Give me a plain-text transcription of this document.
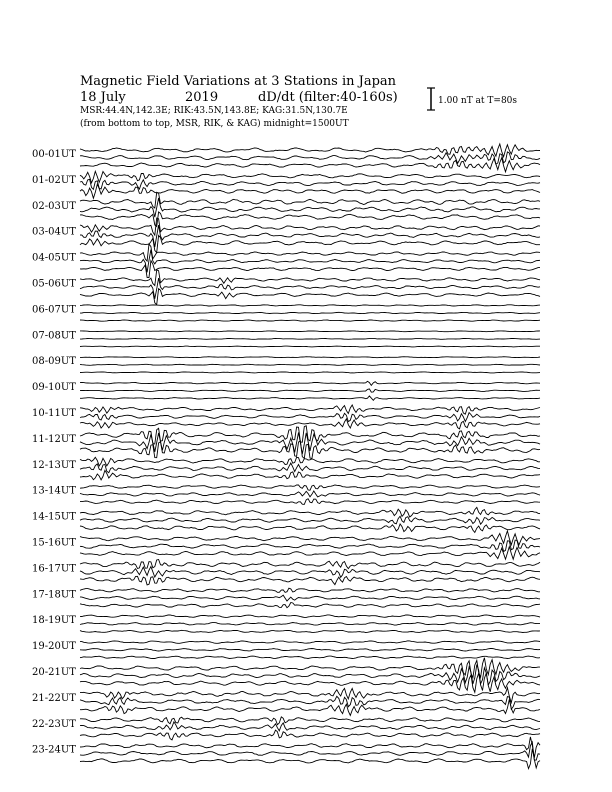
Magnetic Field Variations at 3 Stations in Japan
18 July	2019	dD/dt (filter:40-160s)
MSR:44.4N,142.3E; RIK:43.5N,143.8E; KAG:31.5N,130.7E
(from bottom to top, MSR, RIK, & KAG) midnight=1500UT
1.00 nT at T=80s
00-01UT
01-02UT
02-03UT
03-04UT
04-05UT
05-06UT
06-07UT
07-08UT
08-09UT
09-10UT
10-11UT
11-12UT
12-13UT
13-14UT
14-15UT
15-16UT
16-17UT
17-18UT
18-19UT
19-20UT
20-21UT
21-22UT
22-23UT
23-24UT
